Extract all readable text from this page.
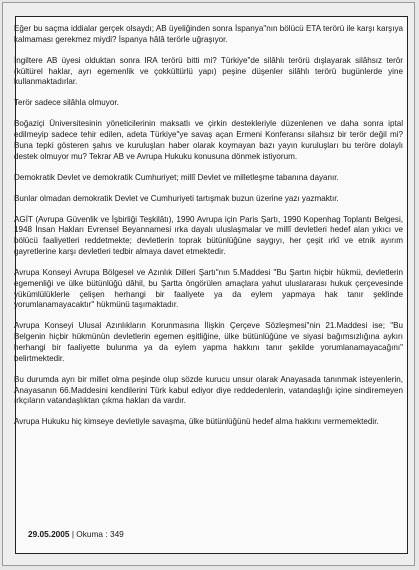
Eğer bu saçma iddialar gerçek olsaydı; AB üyeliğinden sonra İspanya"nın bölücü ETA terörü ile karşı karşıya kalmaması gerekmez miydi? İspanya hâlâ terörle uğraşıyor.

İngiltere AB üyesi olduktan sonra IRA terörü bitti mi? Türkiye"de silâhlı terörü dışlayarak silâhsız terör (kültürel haklar, ayrı egemenlik ve çokkültürlü yapı) peşine düşenler silâhlı terörü bugünlerde yine kullanmaktadırlar.

Terör sadece silâhla olmuyor.

Boğaziçi Üniversitesinin yöneticilerinin maksatlı ve çirkin destekleriyle düzenlenen ve daha sonra iptal edilmeyip sadece tehir edilen, adeta Türkiye"ye savaş açan Ermeni Konferansı silahsız bir terör değil mi? Buna tepki gösteren şahıs ve kuruluşları haber olarak koymayan bazı yayın kuruluşları bu teröre dolaylı destek olmuyor mu? Tekrar AB ve Avrupa Hukuku konusuna dönmek istiyorum.

Demokratik Devlet ve demokratik Cumhuriyet; millî Devlet ve milletleşme tabanına dayanır.

Bunlar olmadan demokratik Devlet ve Cumhuriyeti tartışmak buzun üzerine yazı yazmaktır.

AGİT (Avrupa Güvenlik ve İşbirliği Teşkilâtı), 1990 Avrupa için Paris Şartı, 1990 Kopenhag Toplantı Belgesi, 1948 İnsan Hakları Evrensel Beyannamesi ırka dayalı uluslaşmalar ve millî devletleri hedef alan yıkıcı ve bölücü faaliyetleri reddetmekte; devletlerin toprak bütünlüğüne saygıyı, her çeşit ırkî ve etnik ayırım gayretlerine karşı devletleri tedbir almaya davet etmektedir.

Avrupa Konseyi Avrupa Bölgesel ve Azınlık Dilleri Şartı"nın 5.Maddesi "Bu Şartın hiçbir hükmü, devletlerin egemenliği ve ülke bütünlüğü dâhil, bu Şartta öngörülen amaçlara yahut uluslararası hukuk çerçevesinde yükümlülüklerle çelişen herhangi bir faaliyete ya da eylem yapmaya hak tanır şeklinde yorumlanamayacaktır" hükmünü taşımaktadır.

Avrupa Konseyi Ulusal Azınlıkların Korunmasına İlişkin Çerçeve Sözleşmesi"nin 21.Maddesi ise; "Bu Belgenin hiçbir hükmünün devletlerin egemen eşitliğine, ülke bütünlüğüne ve siyasi bağımsızlığına aykırı herhangi bir faaliyette bulunma ya da eylem yapma hakkını tanır şekilde yorumlanamayacağını" belirtmektedir.

Bu durumda ayrı bir millet olma peşinde olup sözde kurucu unsur olarak Anayasada tanınmak isteyenlerin, Anayasanın 66.Maddesini kendilerini Türk kabul ediyor diye reddedenlerin, vatandaşlığı içine sindiremeyen ırkçıların vatandaşlıktan çıkma hakları da vardır.

Avrupa Hukuku hiç kimseye devletiyle savaşma, ülke bütünlüğünü hedef alma hakkını vermemektedir.

29.05.2005 | Okuma : 349
